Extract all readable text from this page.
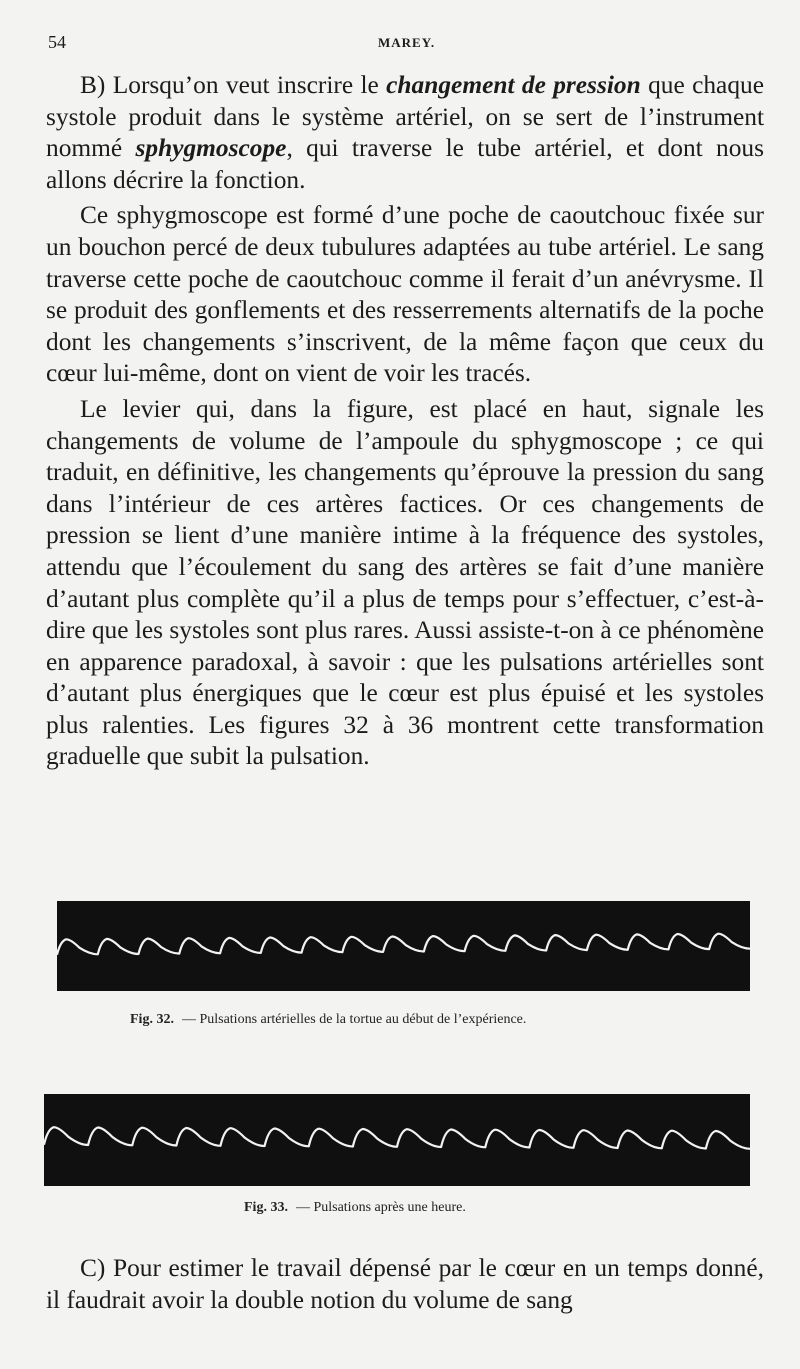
54	MAREY.

B) Lorsqu’on veut inscrire le changement de pression que chaque systole produit dans le système artériel, on se sert de l’instrument nommé sphygmoscope, qui traverse le tube artériel, et dont nous allons décrire la fonction.

Ce sphygmoscope est formé d’une poche de caoutchouc fixée sur un bouchon percé de deux tubulures adaptées au tube artériel. Le sang traverse cette poche de caoutchouc comme il ferait d’un anévrysme. Il se produit des gonflements et des resserrements alternatifs de la poche dont les changements s’inscrivent, de la même façon que ceux du cœur lui-même, dont on vient de voir les tracés.

Le levier qui, dans la figure, est placé en haut, signale les changements de volume de l’ampoule du sphygmoscope ; ce qui traduit, en définitive, les changements qu’éprouve la pression du sang dans l’intérieur de ces artères factices. Or ces changements de pression se lient d’une manière intime à la fréquence des systoles, attendu que l’écoulement du sang des artères se fait d’une manière d’autant plus complète qu’il a plus de temps pour s’effectuer, c’est-à-dire que les systoles sont plus rares. Aussi assiste-t-on à ce phénomène en apparence paradoxal, à savoir : que les pulsations artérielles sont d’autant plus énergiques que le cœur est plus épuisé et les systoles plus ralenties. Les figures 32 à 36 montrent cette transformation graduelle que subit la pulsation.

Fig. 32. — Pulsations artérielles de la tortue au début de l’expérience.
Fig. 33. — Pulsations après une heure.

C) Pour estimer le travail dépensé par le cœur en un temps donné, il faudrait avoir la double notion du volume de sang
